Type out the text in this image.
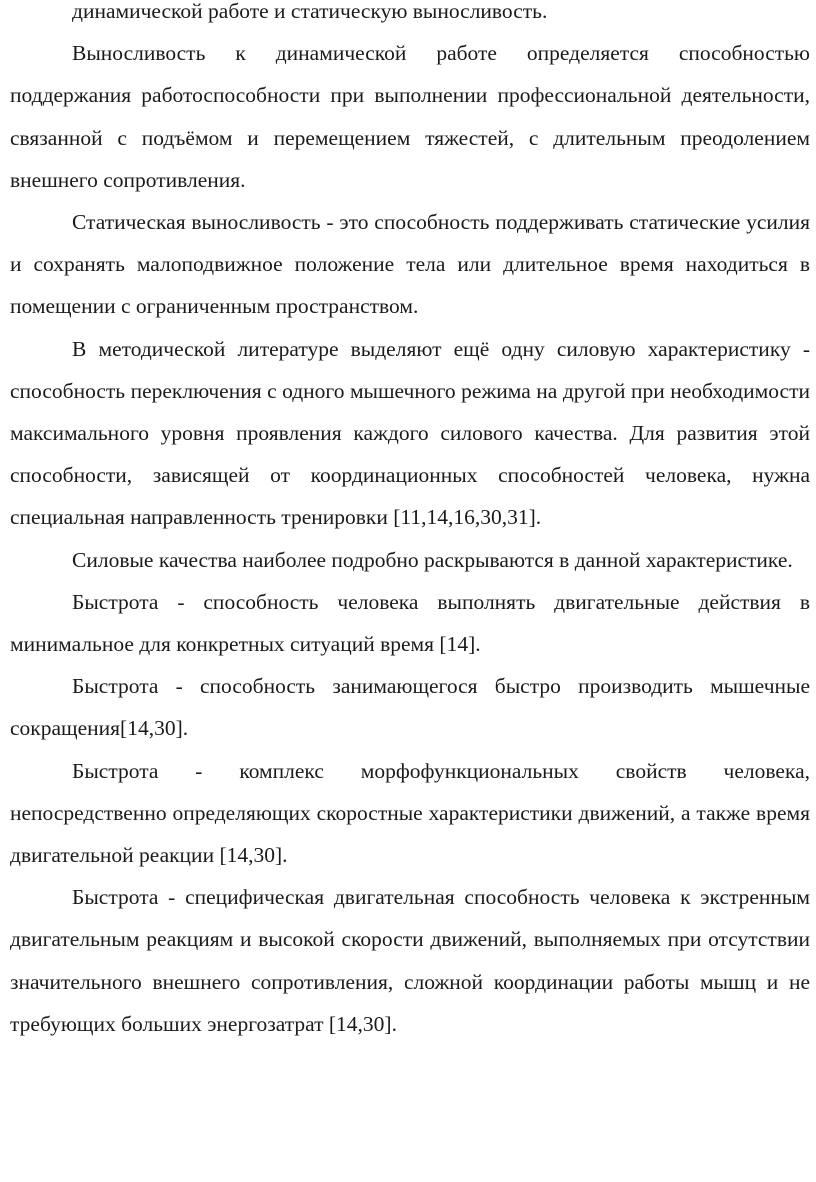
динамической работе и статическую выносливость.

Выносливость к динамической работе определяется способностью поддержания работоспособности при выполнении профессиональной деятельности, связанной с подъёмом и перемещением тяжестей, с длительным преодолением внешнего сопротивления.

Статическая выносливость - это способность поддерживать статические усилия и сохранять малоподвижное положение тела или длительное время находиться в помещении с ограниченным пространством.

В методической литературе выделяют ещё одну силовую характеристику - способность переключения с одного мышечного режима на другой при необходимости максимального уровня проявления каждого силового качества. Для развития этой способности, зависящей от координационных способностей человека, нужна специальная направленность тренировки [11,14,16,30,31].

Силовые качества наиболее подробно раскрываются в данной характеристике.

Быстрота - способность человека выполнять двигательные действия в минимальное для конкретных ситуаций время [14].

Быстрота - способность занимающегося быстро производить мышечные сокращения[14,30].

Быстрота - комплекс морфофункциональных свойств человека, непосредственно определяющих скоростные характеристики движений, а также время двигательной реакции [14,30].

Быстрота - специфическая двигательная способность человека к экстренным двигательным реакциям и высокой скорости движений, выполняемых при отсутствии значительного внешнего сопротивления, сложной координации работы мышц и не требующих больших энергозатрат [14,30].
